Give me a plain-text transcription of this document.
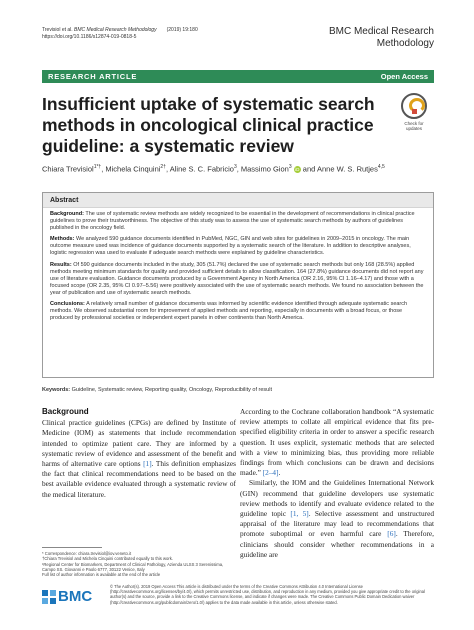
Trevisiol et al. BMC Medical Research Methodology (2019) 19:180
https://doi.org/10.1186/s12874-019-0818-5	BMC Medical Research
Methodology
RESEARCH ARTICLE	Open Access
Insufficient uptake of systematic search methods in oncological clinical practice guideline: a systematic review
Check for
updates
Chiara Trevisiol$^{1*\dagger}$, Michela Cinquini$^{2\dagger}$, Aline S. C. Fabricio$^3$, Massimo Gion$^3$ iD and Anne W. S. Rutjes$^{4,5}$
Abstract

Background: The use of systematic review methods are widely recognized to be essential in the development of recommendations in clinical practice guidelines to prove their trustworthiness. The objective of this study was to assess the use of systematic search methods by authors of guidelines published in the oncology field.

Methods: We analyzed 590 guidance documents identified in PubMed, NGC, GIN and web sites for guidelines in 2009–2015 in oncology. The main outcome measure used was incidence of guidance documents supported by a systematic search of the literature. In addition to descriptive analyses, logistic regression was used to evaluate if adequate search methods were explained by guideline characteristics.

Results: Of 590 guidance documents included in the study, 305 (51.7%) declared the use of systematic search methods but only 168 (28.5%) applied methods meeting minimum standards for quality and provided sufficient details to allow classification. 164 (27.8%) guidance documents did not report any use of literature evaluation. Guidance documents produced by a Government Agency in North America (OR 2.16, 95% CI 1.16–4.17) and those with a focused scope (OR 2.35, 95% CI 0.97–5.56) were positively associated with the use of systematic search methods. We found no association between the year of publication and use of systematic search methods.

Conclusions: A relatively small number of guidance documents was informed by scientific evidence identified through adequate systematic search methods. We observed substantial room for improvement of applied methods and reporting, especially in documents with a broad focus, or those produced by professional societies or independent expert panels in other continents than North America.

Keywords: Guideline, Systematic review, Reporting quality, Oncology, Reproducibility of result
Background

Clinical practice guidelines (CPGs) are defined by Institute of Medicine (IOM) as statements that include recommendation intended to optimize patient care. They are informed by a systematic review of evidence and assessment of the benefit and harms of alternative care options [1]. This definition emphasizes the fact that clinical recommendations need to be based on the best available evidence evaluated through a systematic review of the medical literature.

According to the Cochrane collaboration handbook “A systematic review attempts to collate all empirical evidence that fits pre-specified eligibility criteria in order to answer a specific research question. It uses explicit, systematic methods that are selected with a view to minimizing bias, thus providing more reliable findings from which conclusions can be drawn and decisions made.” [2–4].

Similarly, the IOM and the Guidelines International Network (GIN) recommend that guideline developers use systematic review methods to identify and evaluate evidence related to the guideline topic [1, 5]. Selective assessment and unstructured appraisal of the literature may lead to recommendations that promote suboptimal or even harmful care [6]. Therefore, clinicians should consider whether recommendations in a guideline are

* Correspondence: chiara.trevisiol@iov.veneto.it

†Chiara Trevisiol and Michela Cinquini contributed equally to this work.

¹Regional Center for Biomarkers, Department of Clinical Pathology, Azienda ULSS 3 Serenissima, Campo SS. Giovanni e Paolo 6777, 30122 Venice, Italy

Full list of author information is available at the end of the article

BMC
© The Author(s). 2019 Open Access This article is distributed under the terms of the Creative Commons Attribution 4.0 International License (http://creativecommons.org/licenses/by/4.0/), which permits unrestricted use, distribution, and reproduction in any medium, provided you give appropriate credit to the original author(s) and the source, provide a link to the Creative Commons license, and indicate if changes were made. The Creative Commons Public Domain Dedication waiver (http://creativecommons.org/publicdomain/zero/1.0/) applies to the data made available in this article, unless otherwise stated.
